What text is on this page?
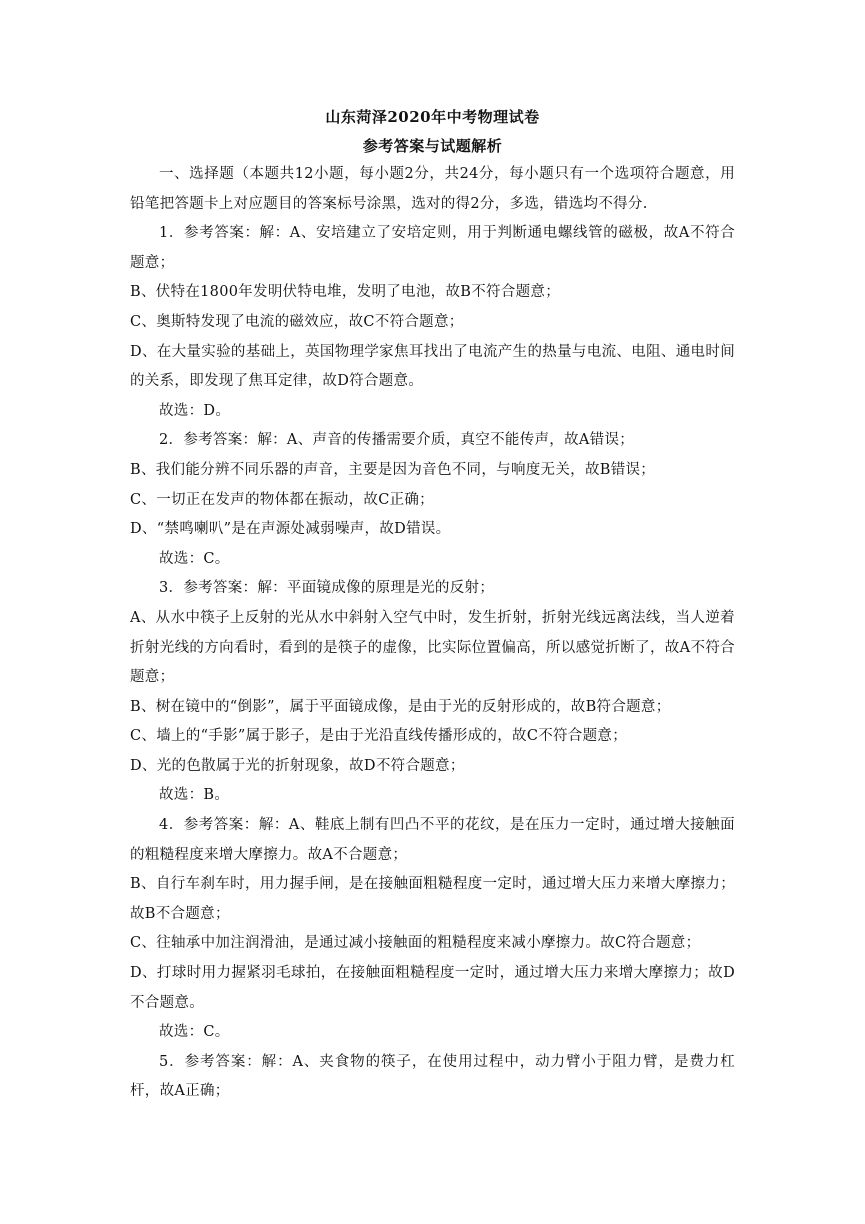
山东菏泽2020年中考物理试卷
参考答案与试题解析

一、选择题（本题共12小题，每小题2分，共24分，每小题只有一个选项符合题意，用铅笔把答题卡上对应题目的答案标号涂黑，选对的得2分，多选，错选均不得分.

1．参考答案：解：A、安培建立了安培定则，用于判断通电螺线管的磁极，故A不符合题意；

B、伏特在1800年发明伏特电堆，发明了电池，故B不符合题意；

C、奥斯特发现了电流的磁效应，故C不符合题意；

D、在大量实验的基础上，英国物理学家焦耳找出了电流产生的热量与电流、电阻、通电时间的关系，即发现了焦耳定律，故D符合题意。

故选：D。

2．参考答案：解：A、声音的传播需要介质，真空不能传声，故A错误；

B、我们能分辨不同乐器的声音，主要是因为音色不同，与响度无关，故B错误；

C、一切正在发声的物体都在振动，故C正确；

D、“禁鸣喇叭”是在声源处减弱噪声，故D错误。

故选：C。

3．参考答案：解：平面镜成像的原理是光的反射；

A、从水中筷子上反射的光从水中斜射入空气中时，发生折射，折射光线远离法线，当人逆着折射光线的方向看时，看到的是筷子的虚像，比实际位置偏高，所以感觉折断了，故A不符合题意；

B、树在镜中的“倒影”，属于平面镜成像，是由于光的反射形成的，故B符合题意；

C、墙上的“手影”属于影子，是由于光沿直线传播形成的，故C不符合题意；

D、光的色散属于光的折射现象，故D不符合题意；

故选：B。

4．参考答案：解：A、鞋底上制有凹凸不平的花纹，是在压力一定时，通过增大接触面的粗糙程度来增大摩擦力。故A不合题意；

B、自行车刹车时，用力握手闸，是在接触面粗糙程度一定时，通过增大压力来增大摩擦力；故B不合题意；

C、往轴承中加注润滑油，是通过减小接触面的粗糙程度来减小摩擦力。故C符合题意；

D、打球时用力握紧羽毛球拍，在接触面粗糙程度一定时，通过增大压力来增大摩擦力；故D不合题意。

故选：C。

5．参考答案：解：A、夹食物的筷子，在使用过程中，动力臂小于阻力臂，是费力杠杆，故A正确；
